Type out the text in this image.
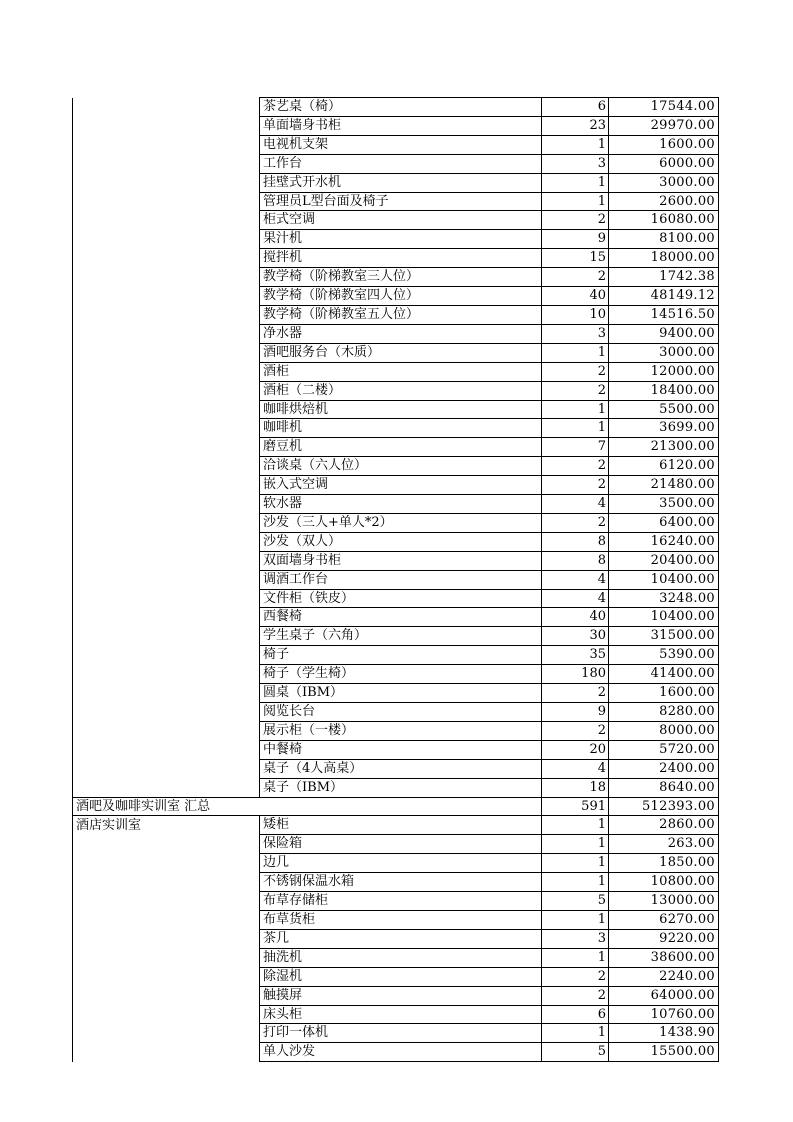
	茶艺桌（椅）	6	17544.00
	单面墙身书柜	23	29970.00
	电视机支架	1	1600.00
	工作台	3	6000.00
	挂壁式开水机	1	3000.00
	管理员L型台面及椅子	1	2600.00
	柜式空调	2	16080.00
	果汁机	9	8100.00
	搅拌机	15	18000.00
	教学椅（阶梯教室三人位）	2	1742.38
	教学椅（阶梯教室四人位）	40	48149.12
	教学椅（阶梯教室五人位）	10	14516.50
	净水器	3	9400.00
	酒吧服务台（木质）	1	3000.00
	酒柜	2	12000.00
	酒柜（二楼）	2	18400.00
	咖啡烘焙机	1	5500.00
	咖啡机	1	3699.00
	磨豆机	7	21300.00
	洽谈桌（六人位）	2	6120.00
	嵌入式空调	2	21480.00
	软水器	4	3500.00
	沙发（三人+单人*2）	2	6400.00
	沙发（双人）	8	16240.00
	双面墙身书柜	8	20400.00
	调酒工作台	4	10400.00
	文件柜（铁皮）	4	3248.00
	西餐椅	40	10400.00
	学生桌子（六角）	30	31500.00
	椅子	35	5390.00
	椅子（学生椅）	180	41400.00
	圆桌（IBM）	2	1600.00
	阅览长台	9	8280.00
	展示柜（一楼）	2	8000.00
	中餐椅	20	5720.00
	桌子（4人高桌）	4	2400.00
	桌子（IBM）	18	8640.00
酒吧及咖啡实训室 汇总		591	512393.00
酒店实训室	矮柜	1	2860.00
	保险箱	1	263.00
	边几	1	1850.00
	不锈钢保温水箱	1	10800.00
	布草存储柜	5	13000.00
	布草货柜	1	6270.00
	茶几	3	9220.00
	抽洗机	1	38600.00
	除湿机	2	2240.00
	触摸屏	2	64000.00
	床头柜	6	10760.00
	打印一体机	1	1438.90
	单人沙发	5	15500.00
